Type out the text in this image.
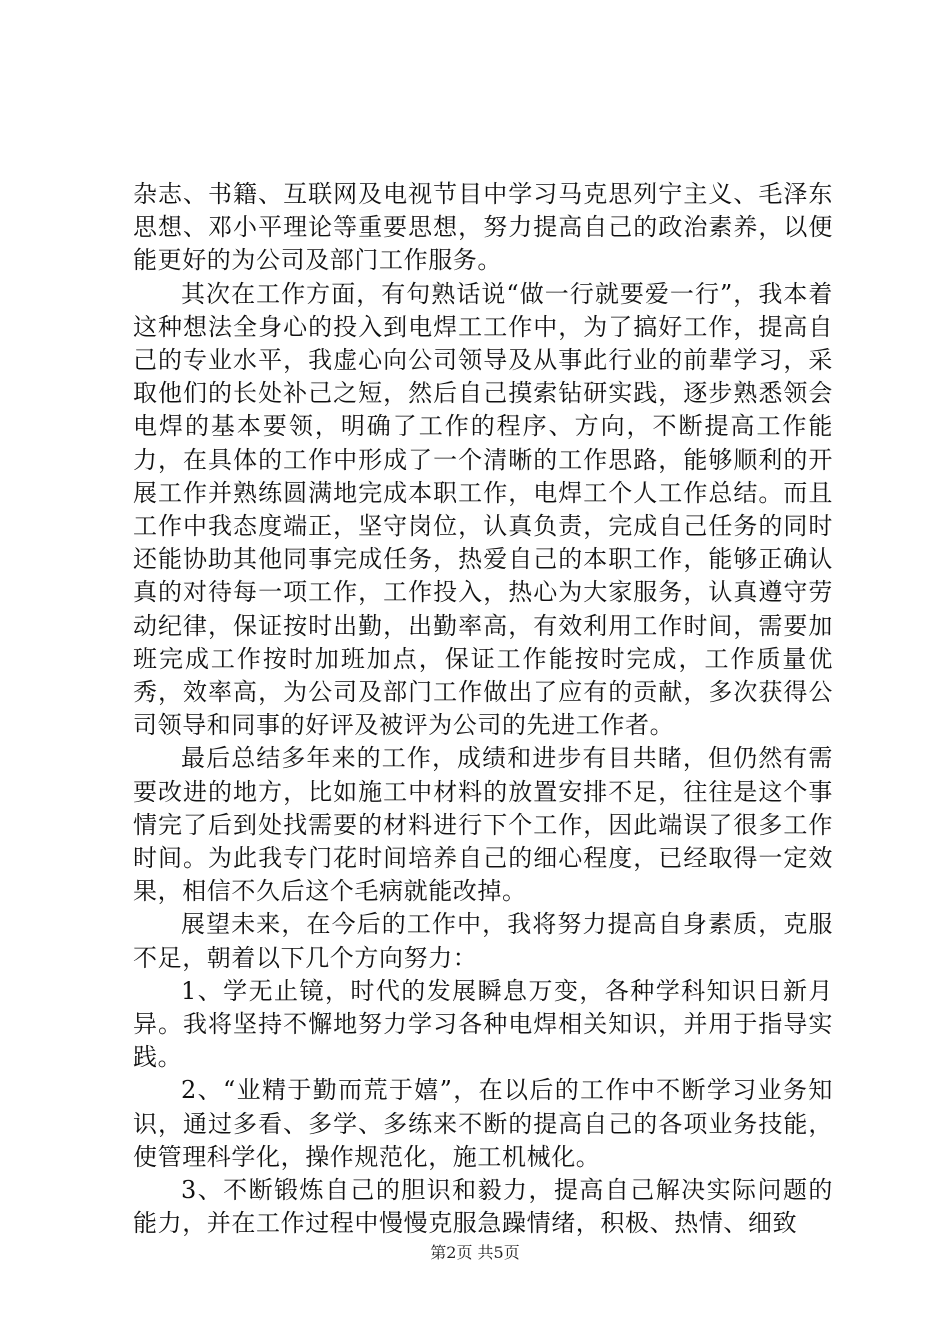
杂志、书籍、互联网及电视节目中学习马克思列宁主义、毛泽东思想、邓小平理论等重要思想，努力提高自己的政治素养，以便能更好的为公司及部门工作服务。

其次在工作方面，有句熟话说“做一行就要爱一行”，我本着这种想法全身心的投入到电焊工工作中，为了搞好工作，提高自己的专业水平，我虚心向公司领导及从事此行业的前辈学习，采取他们的长处补己之短，然后自己摸索钻研实践，逐步熟悉领会电焊的基本要领，明确了工作的程序、方向，不断提高工作能力，在具体的工作中形成了一个清晰的工作思路，能够顺利的开展工作并熟练圆满地完成本职工作，电焊工个人工作总结。而且工作中我态度端正，坚守岗位，认真负责，完成自己任务的同时还能协助其他同事完成任务，热爱自己的本职工作，能够正确认真的对待每一项工作，工作投入，热心为大家服务，认真遵守劳动纪律，保证按时出勤，出勤率高，有效利用工作时间，需要加班完成工作按时加班加点，保证工作能按时完成，工作质量优秀，效率高，为公司及部门工作做出了应有的贡献，多次获得公司领导和同事的好评及被评为公司的先进工作者。

最后总结多年来的工作，成绩和进步有目共睹，但仍然有需要改进的地方，比如施工中材料的放置安排不足，往往是这个事情完了后到处找需要的材料进行下个工作，因此端误了很多工作时间。为此我专门花时间培养自己的细心程度，已经取得一定效果，相信不久后这个毛病就能改掉。

展望未来，在今后的工作中，我将努力提高自身素质，克服不足，朝着以下几个方向努力：

1、学无止镜，时代的发展瞬息万变，各种学科知识日新月异。我将坚持不懈地努力学习各种电焊相关知识，并用于指导实践。

2、“业精于勤而荒于嬉”，在以后的工作中不断学习业务知识，通过多看、多学、多练来不断的提高自己的各项业务技能，使管理科学化，操作规范化，施工机械化。

3、不断锻炼自己的胆识和毅力，提高自己解决实际问题的能力，并在工作过程中慢慢克服急躁情绪，积极、热情、细致

第2页 共5页
